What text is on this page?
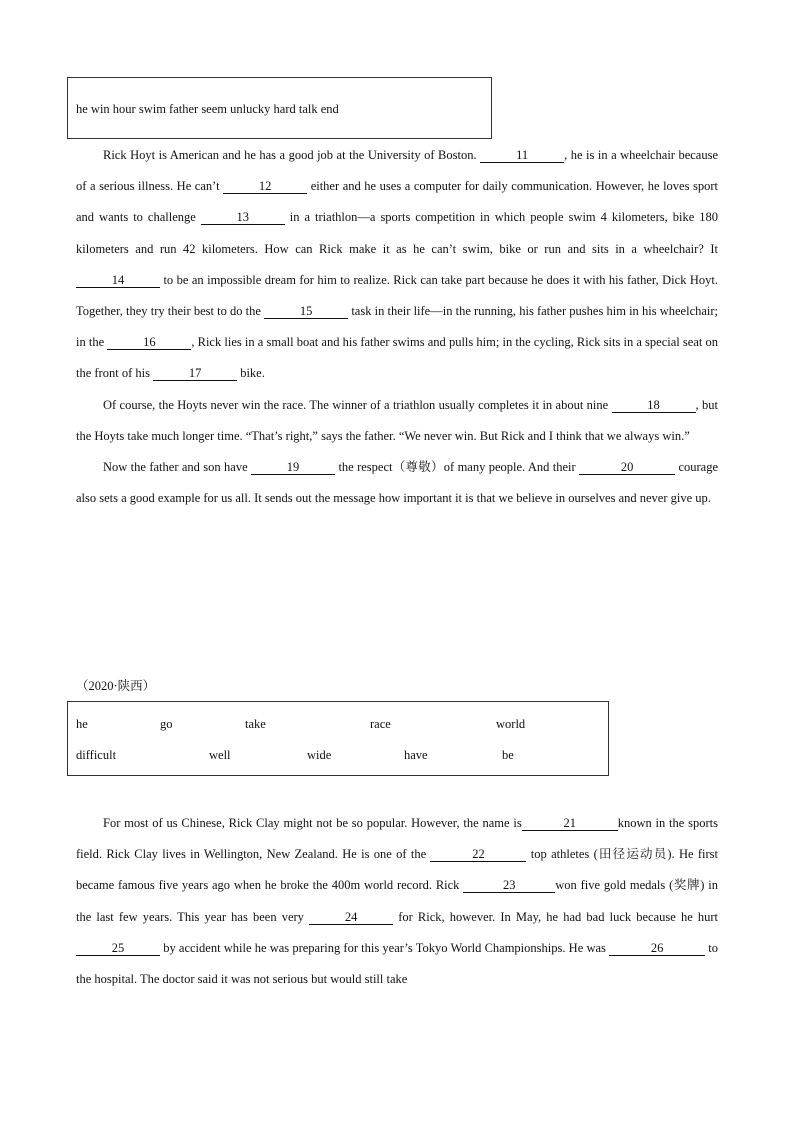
he win hour swim father seem unlucky hard talk end

Rick Hoyt is American and he has a good job at the University of Boston.	11	, he is in a wheelchair because of a serious illness. He can’t	12	either and he uses a computer for daily communication. However, he loves sport and wants to challenge	13	in a triathlon—a sports competition in which people swim 4 kilometers, bike 180 kilometers and run 42 kilometers. How can Rick make it as he can’t swim, bike or run and sits in a wheelchair? It 14	to be an impossible dream for him to realize. Rick can take part because he does it with his father, Dick Hoyt. Together, they try their best to do the	15	task in their life—in the running, his father pushes him in his wheelchair; in the	16	, Rick lies in a small boat and his father swims and pulls him; in the cycling, Rick sits in a special seat on the front of his	17	bike.

Of course, the Hoyts never win the race. The winner of a triathlon usually completes it in about nine	18	, but the Hoyts take much longer time. “That’s right,” says the father. “We never win. But Rick and I think that we always win.”

Now the father and son have	19	the respect（尊敬）of many people. And their	20	courage also sets a good example for us all. It sends out the message how important it is that we believe in ourselves and never give up.

（2020·陕西）
he	go	take	race	world
difficult	well	wide	have	be

For most of us Chinese, Rick Clay might not be so popular. However, the name is	21	known in the sports field. Rick Clay lives in Wellington, New Zealand. He is one of the	22	top athletes (田径运动员). He first became famous five years ago when he broke the 400m world record. Rick	23	won five gold medals (奖牌) in the last few years. This year has been very	24	for Rick, however. In May, he had bad luck because he hurt 25	by accident while he was preparing for this year’s Tokyo World Championships. He was	26	to the hospital. The doctor said it was not serious but would still take
